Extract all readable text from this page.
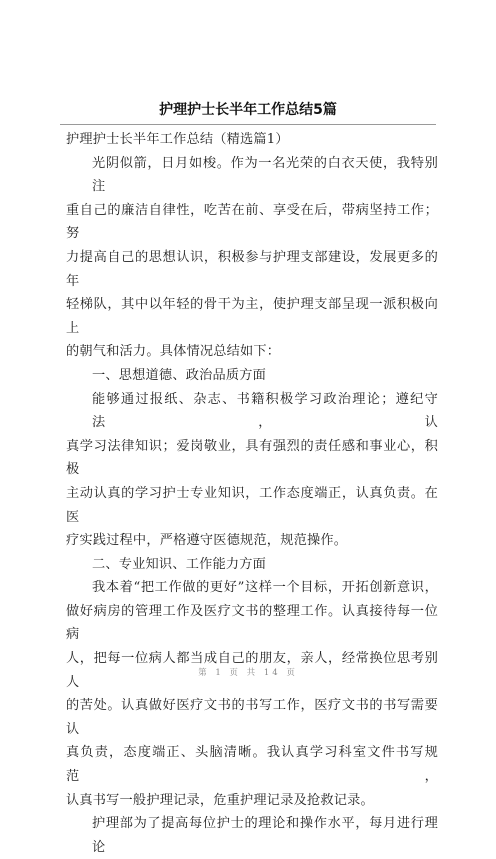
护理护士长半年工作总结5篇
护理护士长半年工作总结（精选篇1）
光阴似箭，日月如梭。作为一名光荣的白衣天使，我特别注
重自己的廉洁自律性，吃苦在前、享受在后，带病坚持工作；努
力提高自己的思想认识，积极参与护理支部建设，发展更多的年
轻梯队，其中以年轻的骨干为主，使护理支部呈现一派积极向上
的朝气和活力。具体情况总结如下：
一、思想道德、政治品质方面
能够通过报纸、杂志、书籍积极学习政治理论；遵纪守法，认
真学习法律知识；爱岗敬业，具有强烈的责任感和事业心，积极
主动认真的学习护士专业知识，工作态度端正，认真负责。在医
疗实践过程中，严格遵守医德规范，规范操作。
二、专业知识、工作能力方面
我本着“把工作做的更好”这样一个目标，开拓创新意识，
做好病房的管理工作及医疗文书的整理工作。认真接待每一位病
人，把每一位病人都当成自己的朋友，亲人，经常换位思考别人
的苦处。认真做好医疗文书的书写工作，医疗文书的书写需要认
真负责，态度端正、头脑清晰。我认真学习科室文件书写规范，
认真书写一般护理记录，危重护理记录及抢救记录。
护理部为了提高每位护士的理论和操作水平，每月进行理论
第 1 页 共 14 页
